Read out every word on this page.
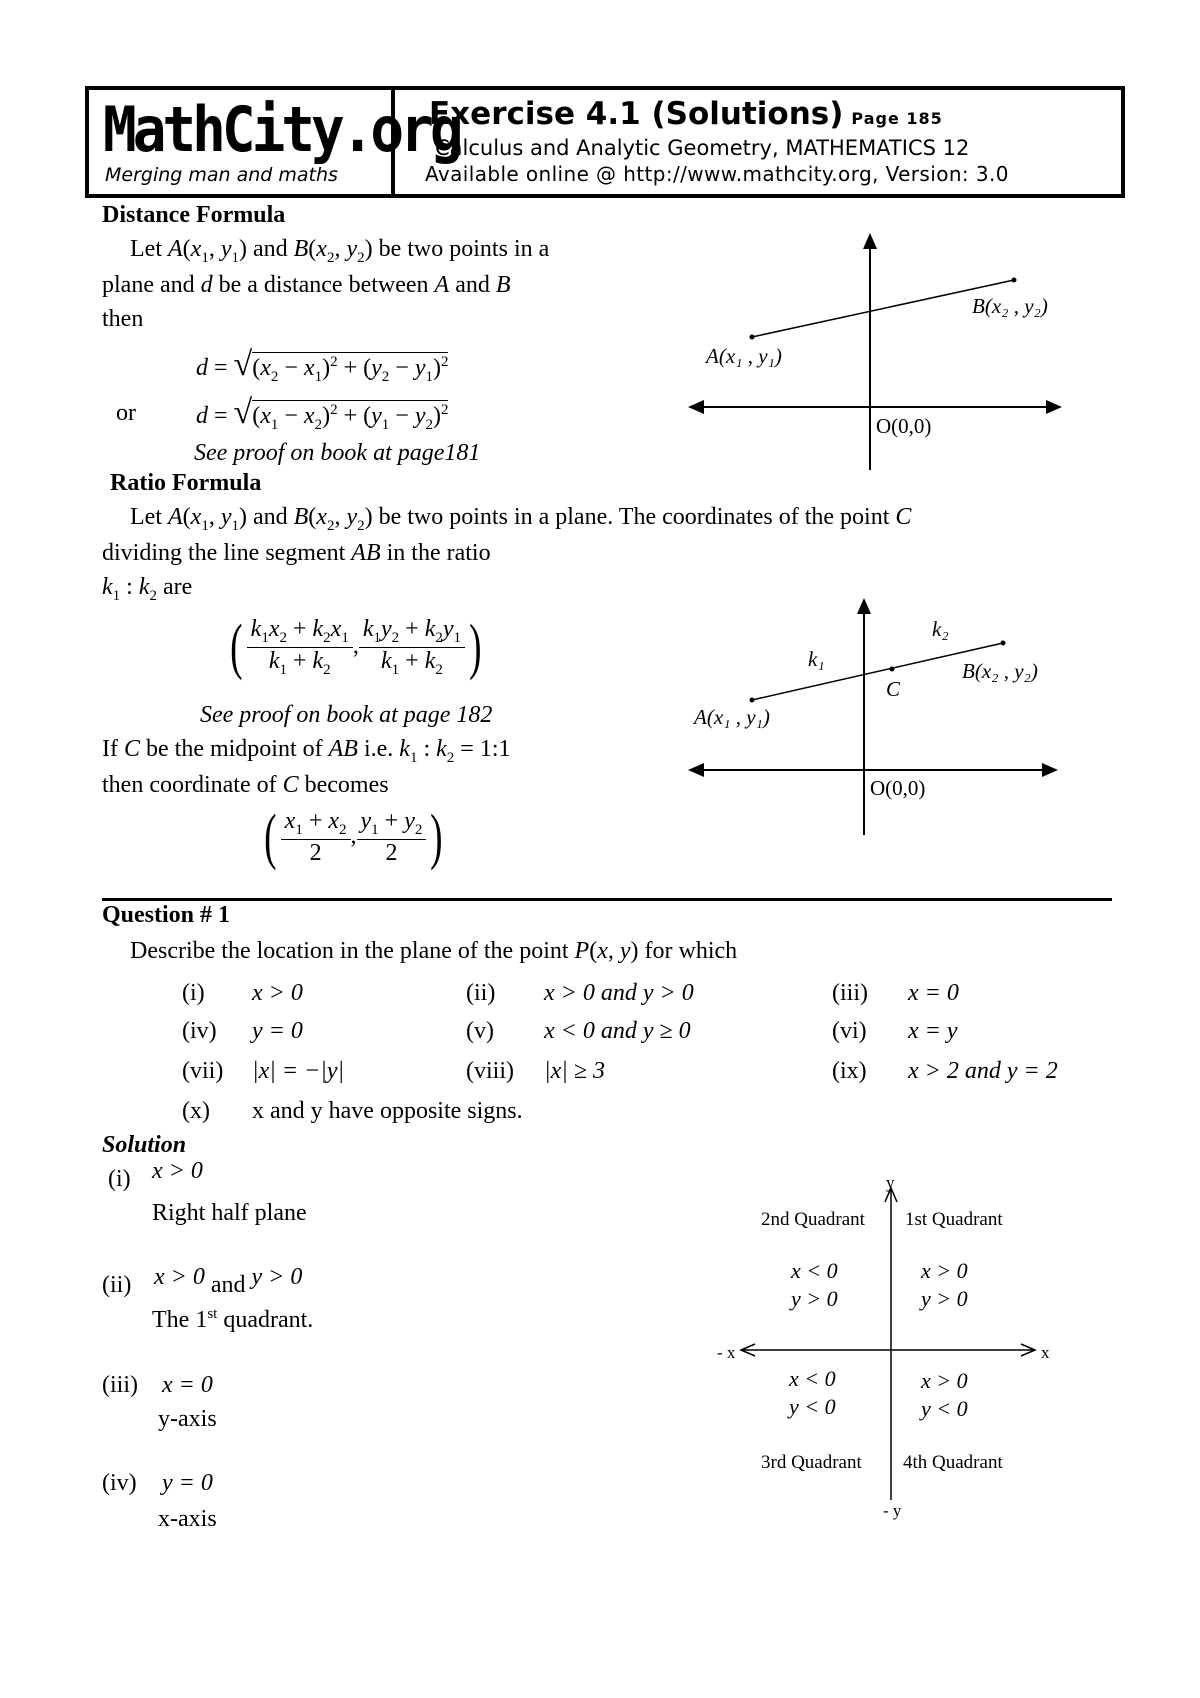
MathCity.org
Merging man and maths
Exercise 4.1 (Solutions) Page 185
Calculus and Analytic Geometry, MATHEMATICS 12
Available online @ http://www.mathcity.org, Version: 3.0
Distance Formula
Let $A(x_1$, $y_1$) and $B(x_2$, $y_2$) be two points in a
plane and d be a distance between A and B
then
$d = √(x_2 - x_1)^2 + (y_2 - y_1)^2$
or	$d = √(x_1 - x_2)^2 + (y_1 - y_2)^2$
See proof on book at page181
B(x₂ , y₂)
A(x₁ , y₁)
O(0,0)
Ratio Formula
Let $A(x_1$, $y_1$) and $B(x_2$, $y_2$) be two points in a plane. The coordinates of the point C
dividing the line segment AB in the ratio
$k_1$ : $k_2$ are
( $\frac{k_1x_2 + k_2x_1}{k_1 + k_2}$ , $\frac{k_1y_2 + k_2y_1}{k_1 + k_2}$ )
See proof on book at page 182
If C be the midpoint of AB i.e. $k_1$ : $k_2$ = 1:1
then coordinate of C becomes
( $\frac{x_1 + x_2}{2}$ , $\frac{y_1 + y_2}{2}$ )
k₁
k₂
C
B(x₂ , y₂)
A(x₁ , y₁)
O(0,0)
Question # 1
Describe the location in the plane of the point P(x, y) for which
(i) x > 0	(ii) x > 0 and y > 0	(iii) x = 0
(iv) y = 0	(v) x < 0 and y ≥ 0	(vi) x = y
(vii) |x| = −|y|	(viii) |x| ≥ 3	(ix) x > 2 and y = 2
(x) x and y have opposite signs.
Solution
(i) x > 0
Right half plane
(ii) x > 0 and y > 0
The 1st quadrant.
(iii) x = 0
y-axis
(iv) y = 0
x-axis
y
x
- x
- y
2nd Quadrant 1st Quadrant
3rd Quadrant 4th Quadrant
x < 0
y > 0
x > 0
y > 0
x < 0
y < 0
x > 0
y < 0
